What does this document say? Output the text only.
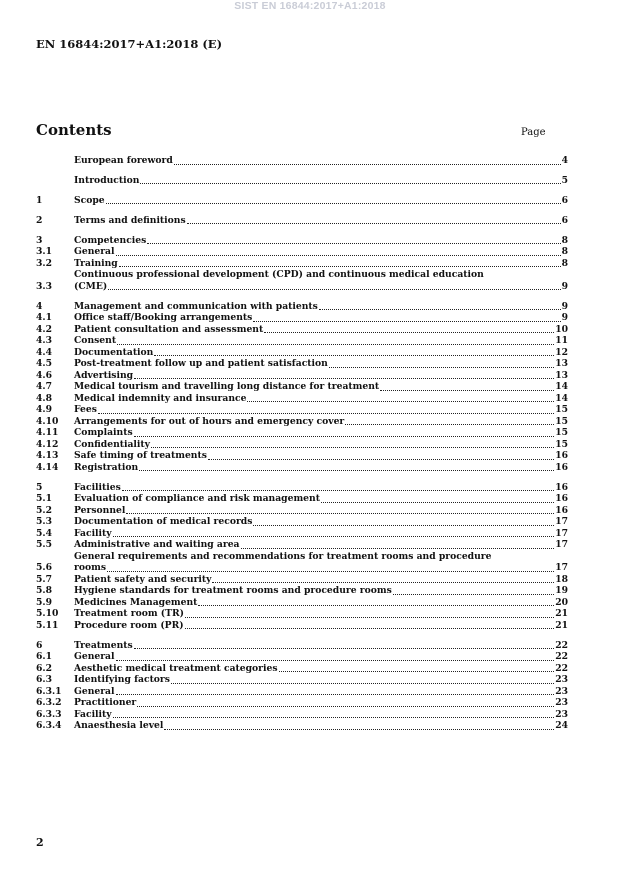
SIST EN 16844:2017+A1:2018
EN 16844:2017+A1:2018 (E)
Contents	Page
European foreword	4
Introduction	5
1	Scope	6
2	Terms and definitions	6
3	Competencies	8
3.1	General	8
3.2	Training	8
3.3
Continuous professional development (CPD) and continuous medical education
(CME)	9
4	Management and communication with patients	9
4.1	Office staff/Booking arrangements	9
4.2	Patient consultation and assessment	10
4.3	Consent	11
4.4	Documentation	12
4.5	Post-treatment follow up and patient satisfaction	13
4.6	Advertising	13
4.7	Medical tourism and travelling long distance for treatment	14
4.8	Medical indemnity and insurance	14
4.9	Fees	15
4.10	Arrangements for out of hours and emergency cover	15
4.11	Complaints	15
4.12	Confidentiality	15
4.13	Safe timing of treatments	16
4.14	Registration	16
5	Facilities	16
5.1	Evaluation of compliance and risk management	16
5.2	Personnel	16
5.3	Documentation of medical records	17
5.4	Facility	17
5.5	Administrative and waiting area	17
5.6
General requirements and recommendations for treatment rooms and procedure
rooms	17
5.7	Patient safety and security	18
5.8	Hygiene standards for treatment rooms and procedure rooms	19
5.9	Medicines Management	20
5.10	Treatment room (TR)	21
5.11	Procedure room (PR)	21
6	Treatments	22
6.1	General	22
6.2	Aesthetic medical treatment categories	22
6.3	Identifying factors	23
6.3.1	General	23
6.3.2	Practitioner	23
6.3.3	Facility	23
6.3.4	Anaesthesia level	24
2
